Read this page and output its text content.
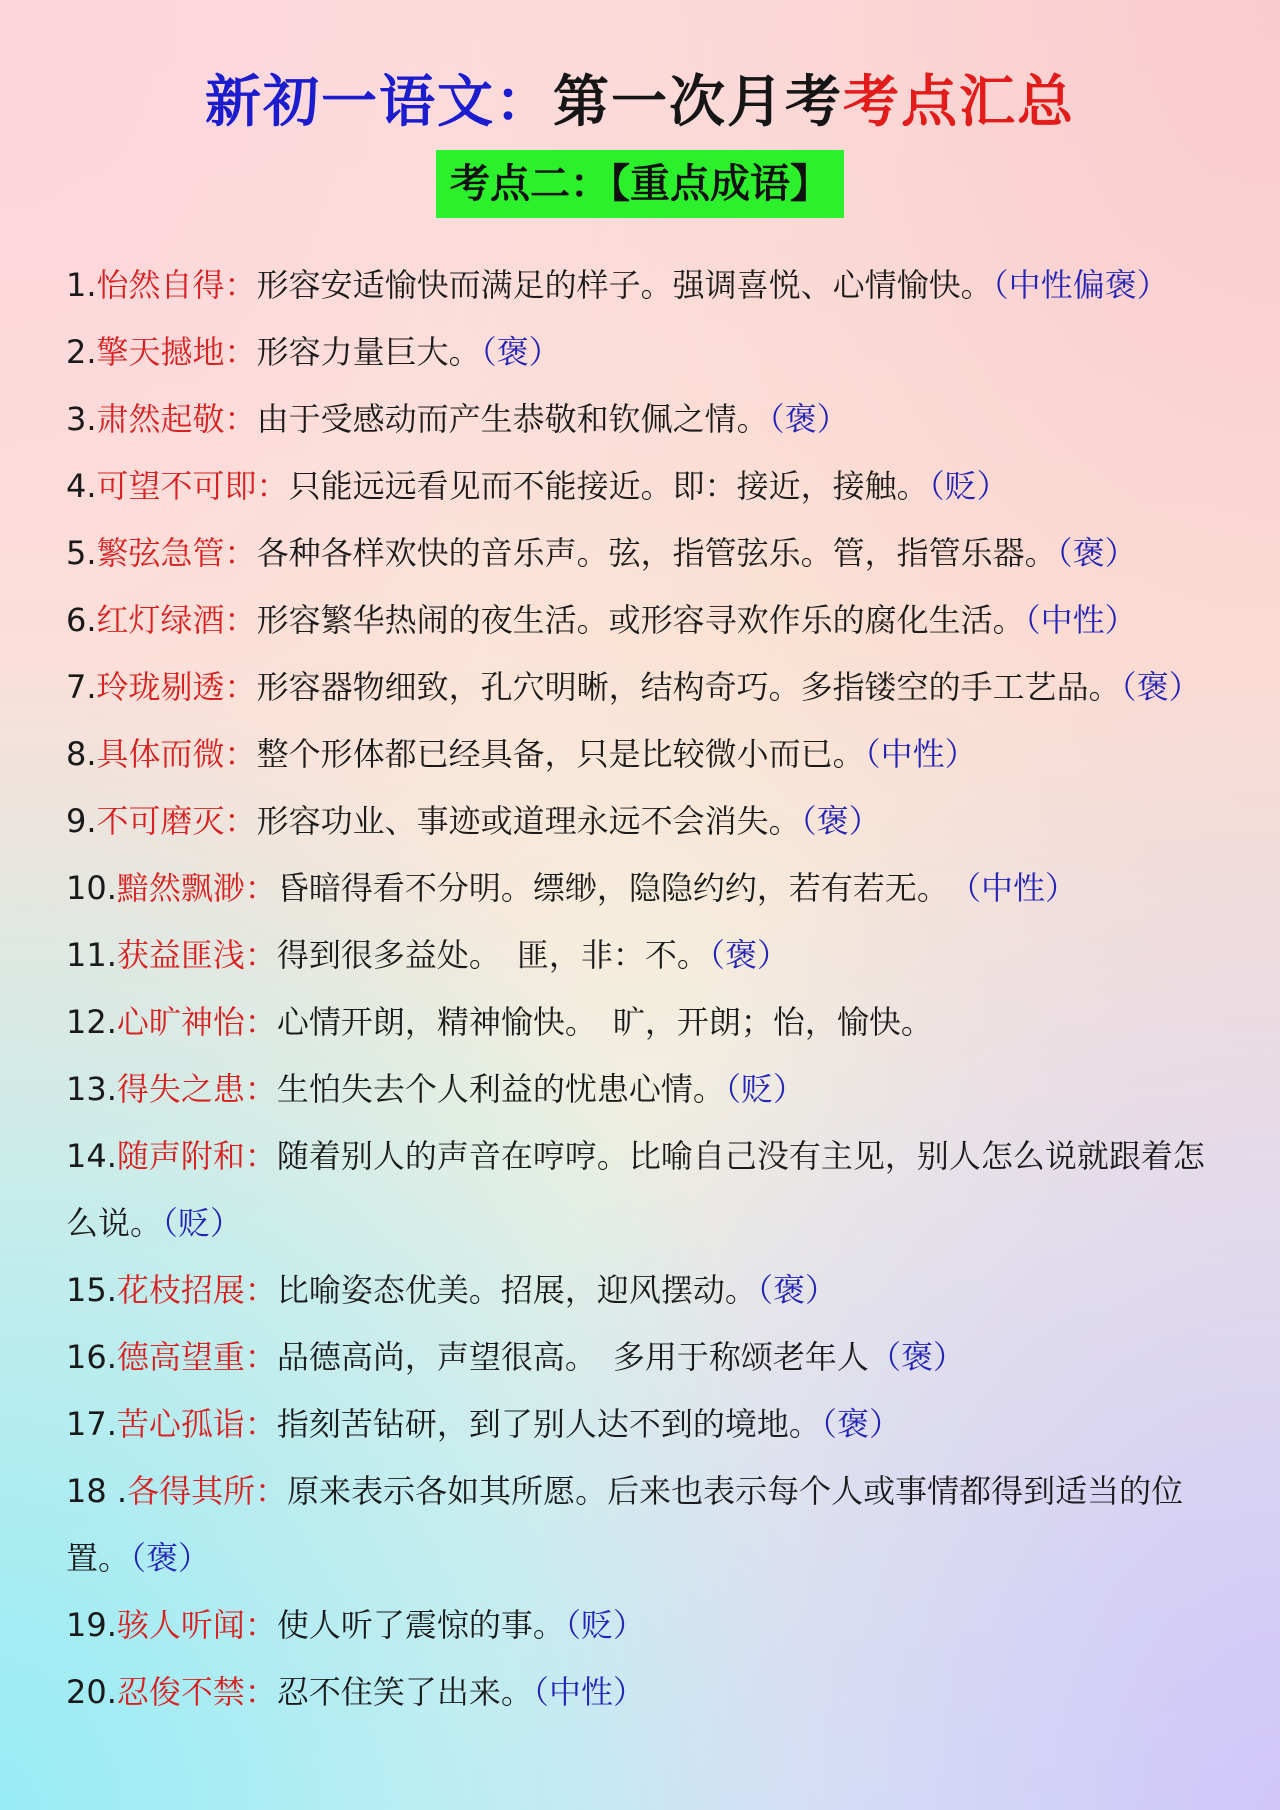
新初一语文：第一次月考考点汇总
考点二：【重点成语】
1.怡然自得：形容安适愉快而满足的样子。强调喜悦、心情愉快。（中性偏褒）
2.擎天撼地：形容力量巨大。（褒）
3.肃然起敬：由于受感动而产生恭敬和钦佩之情。（褒）
4.可望不可即：只能远远看见而不能接近。即：接近，接触。（贬）
5.繁弦急管：各种各样欢快的音乐声。弦，指管弦乐。管，指管乐器。（褒）
6.红灯绿酒：形容繁华热闹的夜生活。或形容寻欢作乐的腐化生活。（中性）
7.玲珑剔透：形容器物细致，孔穴明晰，结构奇巧。多指镂空的手工艺品。（褒）
8.具体而微：整个形体都已经具备，只是比较微小而已。（中性）
9.不可磨灭：形容功业、事迹或道理永远不会消失。（褒）
10.黯然飘渺：昏暗得看不分明。缥缈，隐隐约约，若有若无。　（中性）
11.获益匪浅：得到很多益处。　匪，非：不。（褒）
12.心旷神怡：心情开朗，精神愉快。　旷，开朗；怡，愉快。
13.得失之患：生怕失去个人利益的忧患心情。（贬）
14.随声附和：随着别人的声音在哼哼。比喻自己没有主见，别人怎么说就跟着怎么说。（贬）
15.花枝招展：比喻姿态优美。招展，迎风摆动。（褒）
16.德高望重：品德高尚，声望很高。　多用于称颂老年人（褒）
17.苦心孤诣：指刻苦钻研，到了别人达不到的境地。（褒）
18 .各得其所：原来表示各如其所愿。后来也表示每个人或事情都得到适当的位置。（褒）
19.骇人听闻：使人听了震惊的事。（贬）
20.忍俊不禁：忍不住笑了出来。（中性）
